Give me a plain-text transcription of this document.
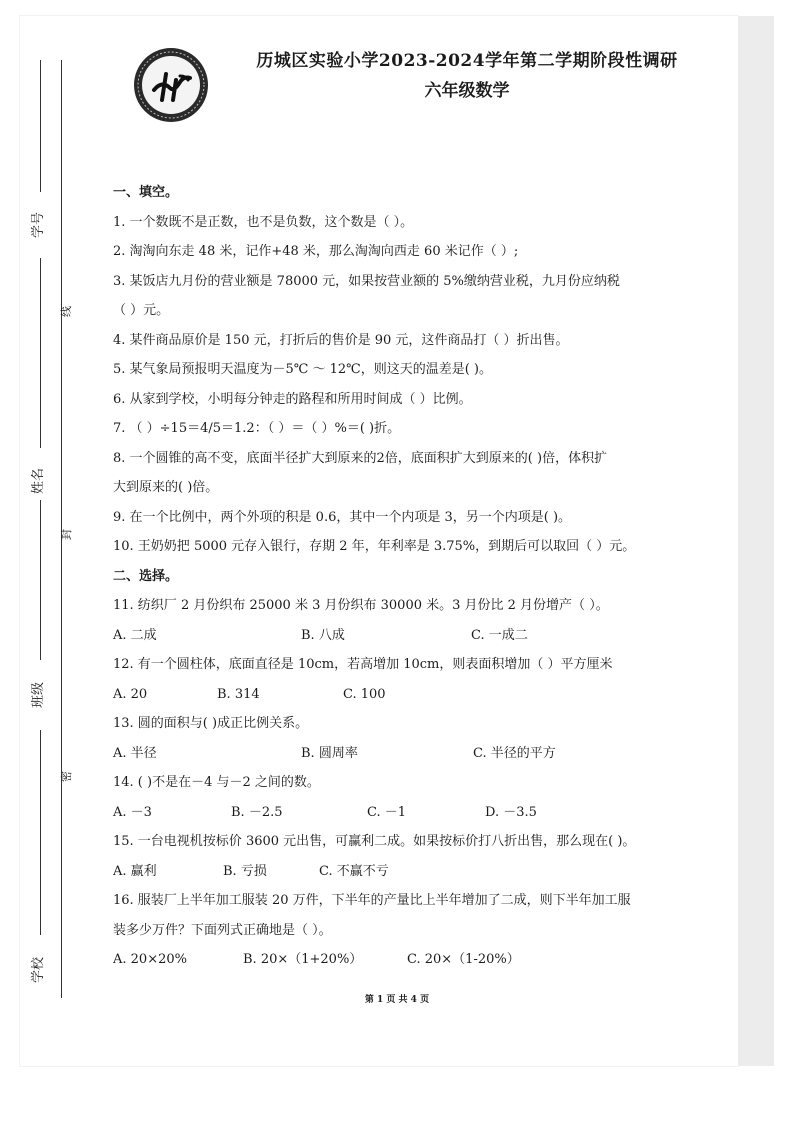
历城区实验小学2023-2024学年第二学期阶段性调研
六年级数学
学号
姓名
班级
学校
线
封
密
一、填空。
1. 一个数既不是正数，也不是负数，这个数是（ ）。
2. 淘淘向东走 48 米，记作+48 米，那么淘淘向西走 60 米记作（ ）;
3. 某饭店九月份的营业额是 78000 元，如果按营业额的 5%缴纳营业税，九月份应纳税
（ ）元。
4. 某件商品原价是 150 元，打折后的售价是 90 元，这件商品打（ ）折出售。
5. 某气象局预报明天温度为－5℃ ～ 12℃，则这天的温差是( )。
6. 从家到学校，小明每分钟走的路程和所用时间成（ ）比例。
7. （ ）÷15＝4/5＝1.2：（ ）＝（ ）%＝( )折。
8. 一个圆锥的高不变，底面半径扩大到原来的2倍，底面积扩大到原来的( )倍，体积扩
大到原来的( )倍。
9. 在一个比例中，两个外项的积是 0.6，其中一个内项是 3，另一个内项是( )。
10. 王奶奶把 5000 元存入银行，存期 2 年，年利率是 3.75%，到期后可以取回（ ）元。
二、选择。
11. 纺织厂 2 月份织布 25000 米 3 月份织布 30000 米。3 月份比 2 月份增产（ ）。
A. 二成	B. 八成	C. 一成二
12. 有一个圆柱体，底面直径是 10cm，若高增加 10cm，则表面积增加（ ）平方厘米
A. 20	B. 314	C. 100
13. 圆的面积与( )成正比例关系。
A. 半径	B. 圆周率	C. 半径的平方
14. ( )不是在－4 与－2 之间的数。
A. －3	B. －2.5	C. －1	D. －3.5
15. 一台电视机按标价 3600 元出售，可赢利二成。如果按标价打八折出售，那么现在( )。
A. 赢利	B. 亏损	C. 不赢不亏
16. 服装厂上半年加工服装 20 万件，下半年的产量比上半年增加了二成，则下半年加工服
装多少万件？下面列式正确地是（ ）。
A. 20×20%	B. 20×（1+20%）	C. 20×（1-20%）
第 1 页 共 4 页
